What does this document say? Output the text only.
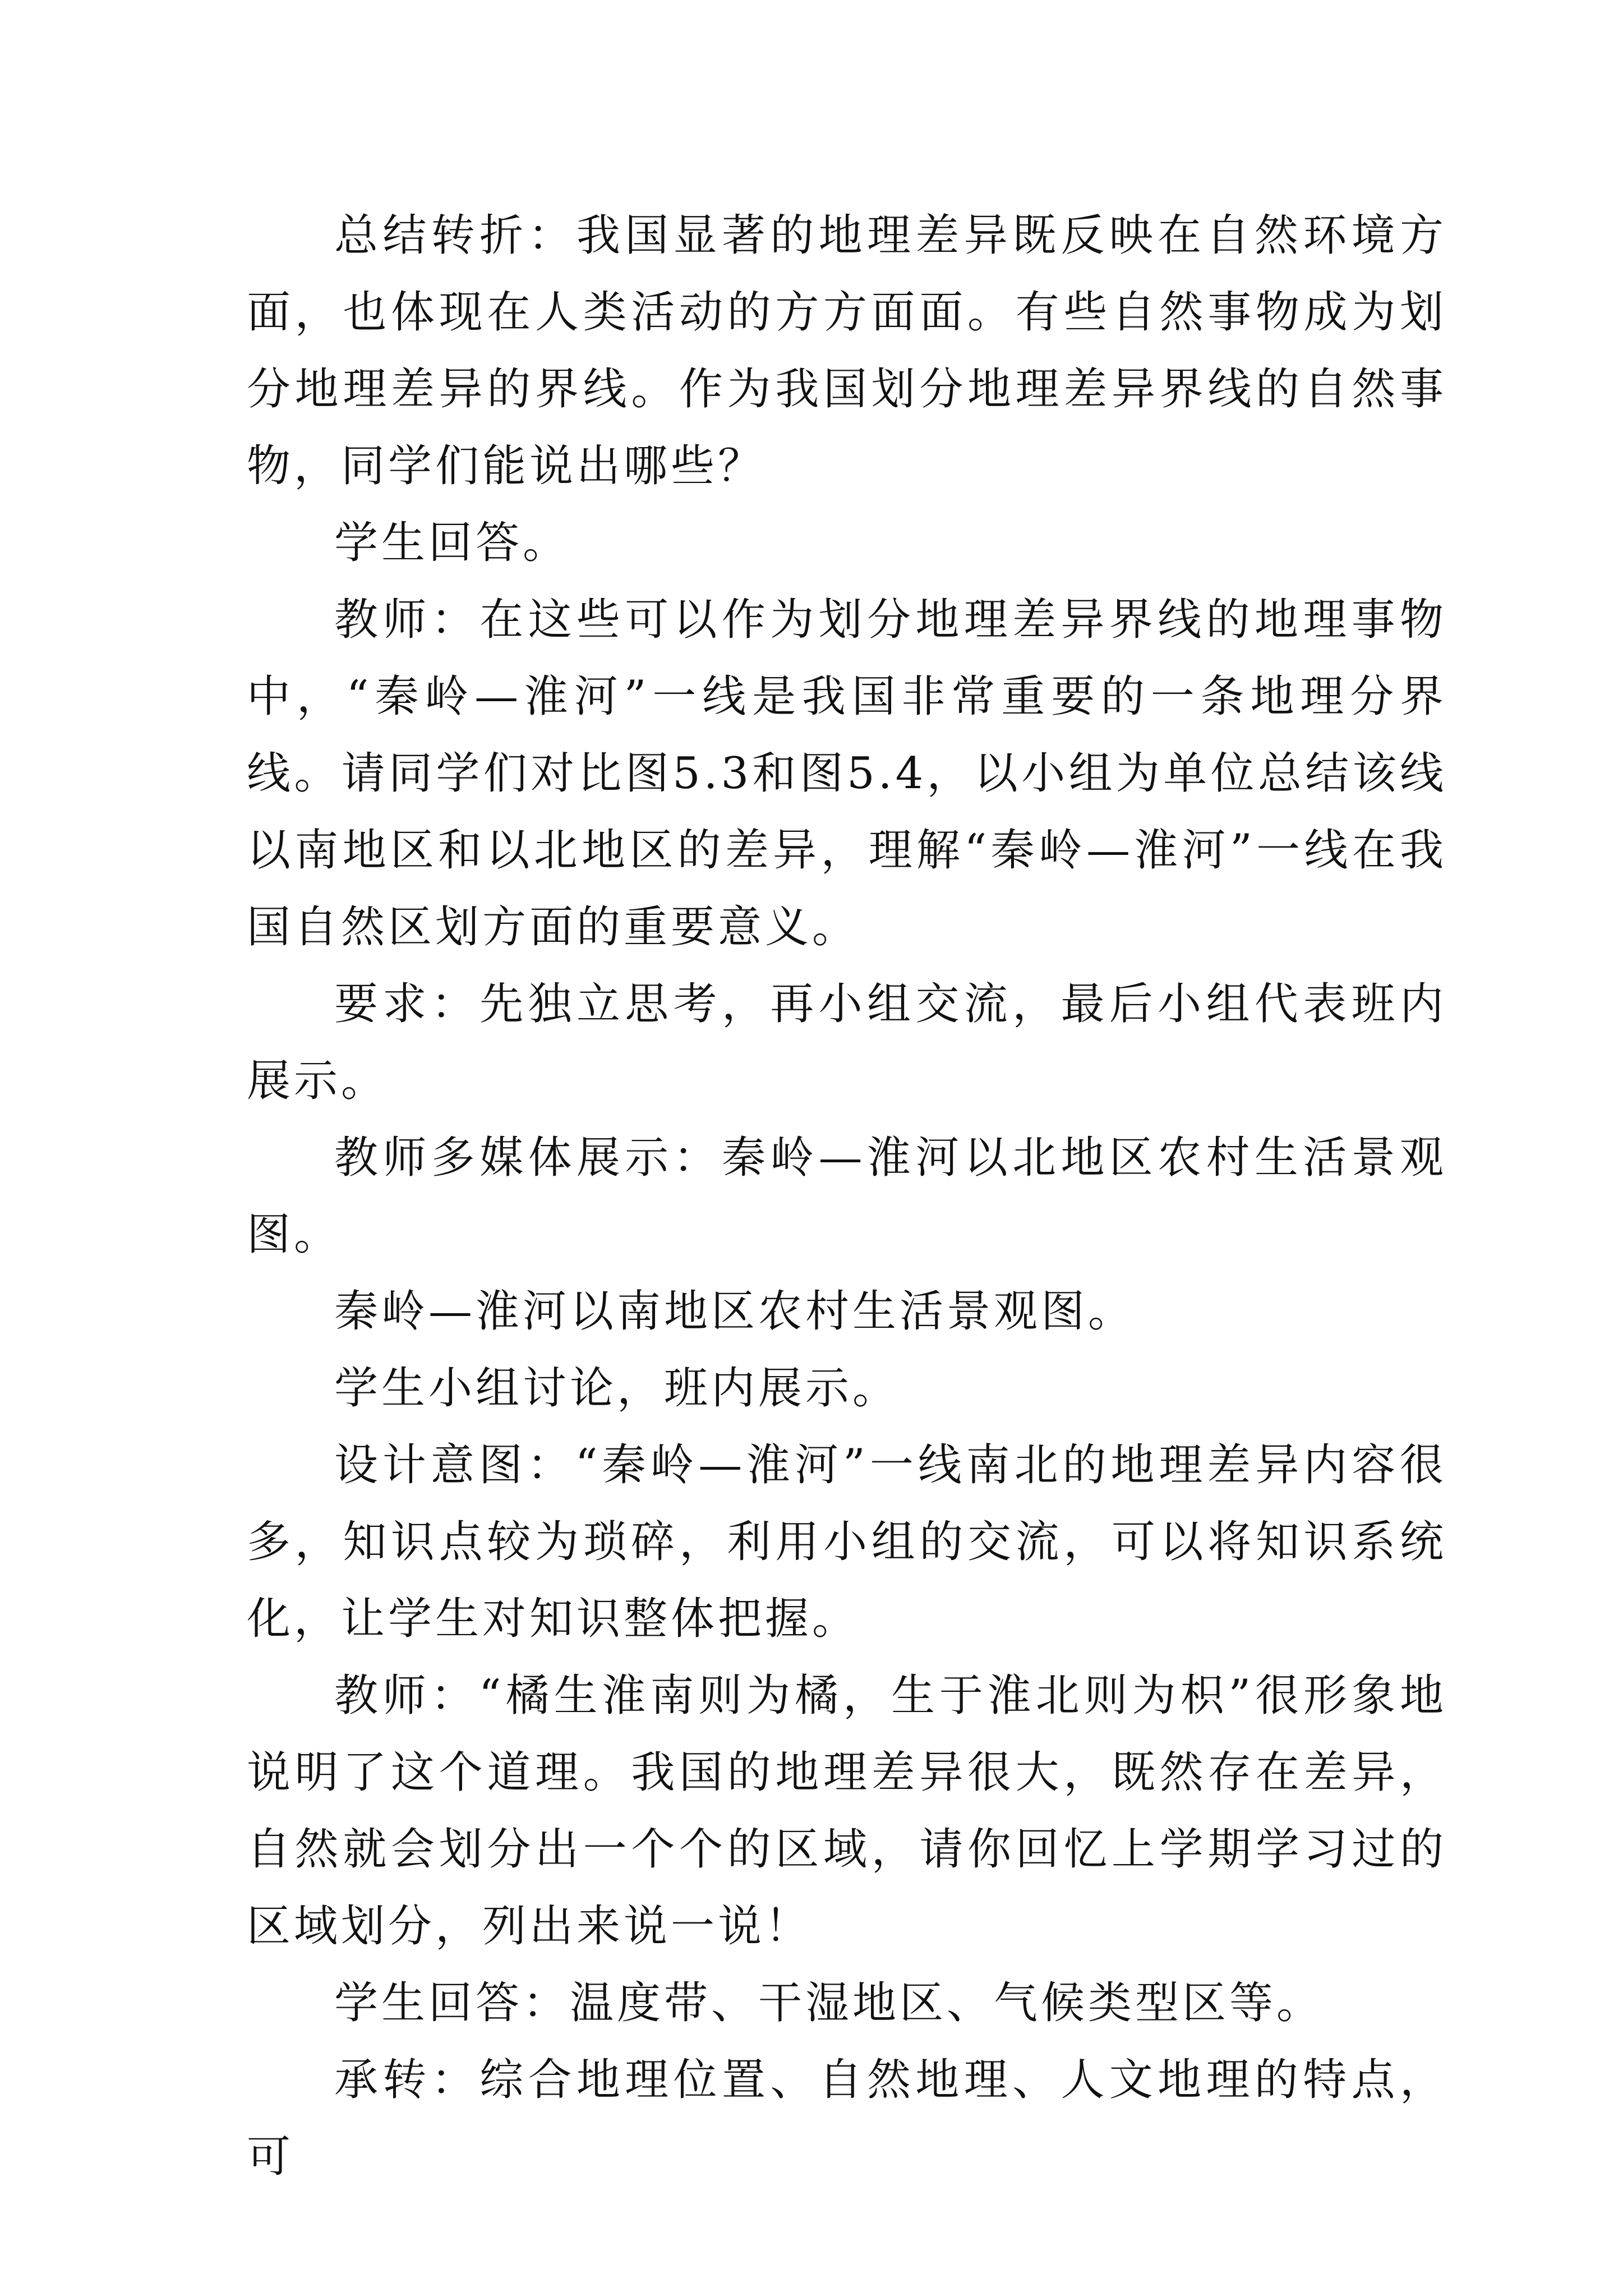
总结转折：我国显著的地理差异既反映在自然环境方面，也体现在人类活动的方方面面。有些自然事物成为划分地理差异的界线。作为我国划分地理差异界线的自然事物，同学们能说出哪些？

学生回答。

教师：在这些可以作为划分地理差异界线的地理事物中，“秦岭—淮河”一线是我国非常重要的一条地理分界线。请同学们对比图5.3和图5.4，以小组为单位总结该线以南地区和以北地区的差异，理解“秦岭—淮河”一线在我国自然区划方面的重要意义。

要求：先独立思考，再小组交流，最后小组代表班内展示。

教师多媒体展示：秦岭—淮河以北地区农村生活景观图。

秦岭—淮河以南地区农村生活景观图。

学生小组讨论，班内展示。

设计意图：“秦岭—淮河”一线南北的地理差异内容很多，知识点较为琐碎，利用小组的交流，可以将知识系统化，让学生对知识整体把握。

教师：“橘生淮南则为橘，生于淮北则为枳”很形象地说明了这个道理。我国的地理差异很大，既然存在差异，自然就会划分出一个个的区域，请你回忆上学期学习过的区域划分，列出来说一说！

学生回答：温度带、干湿地区、气候类型区等。

承转：综合地理位置、自然地理、人文地理的特点，可
